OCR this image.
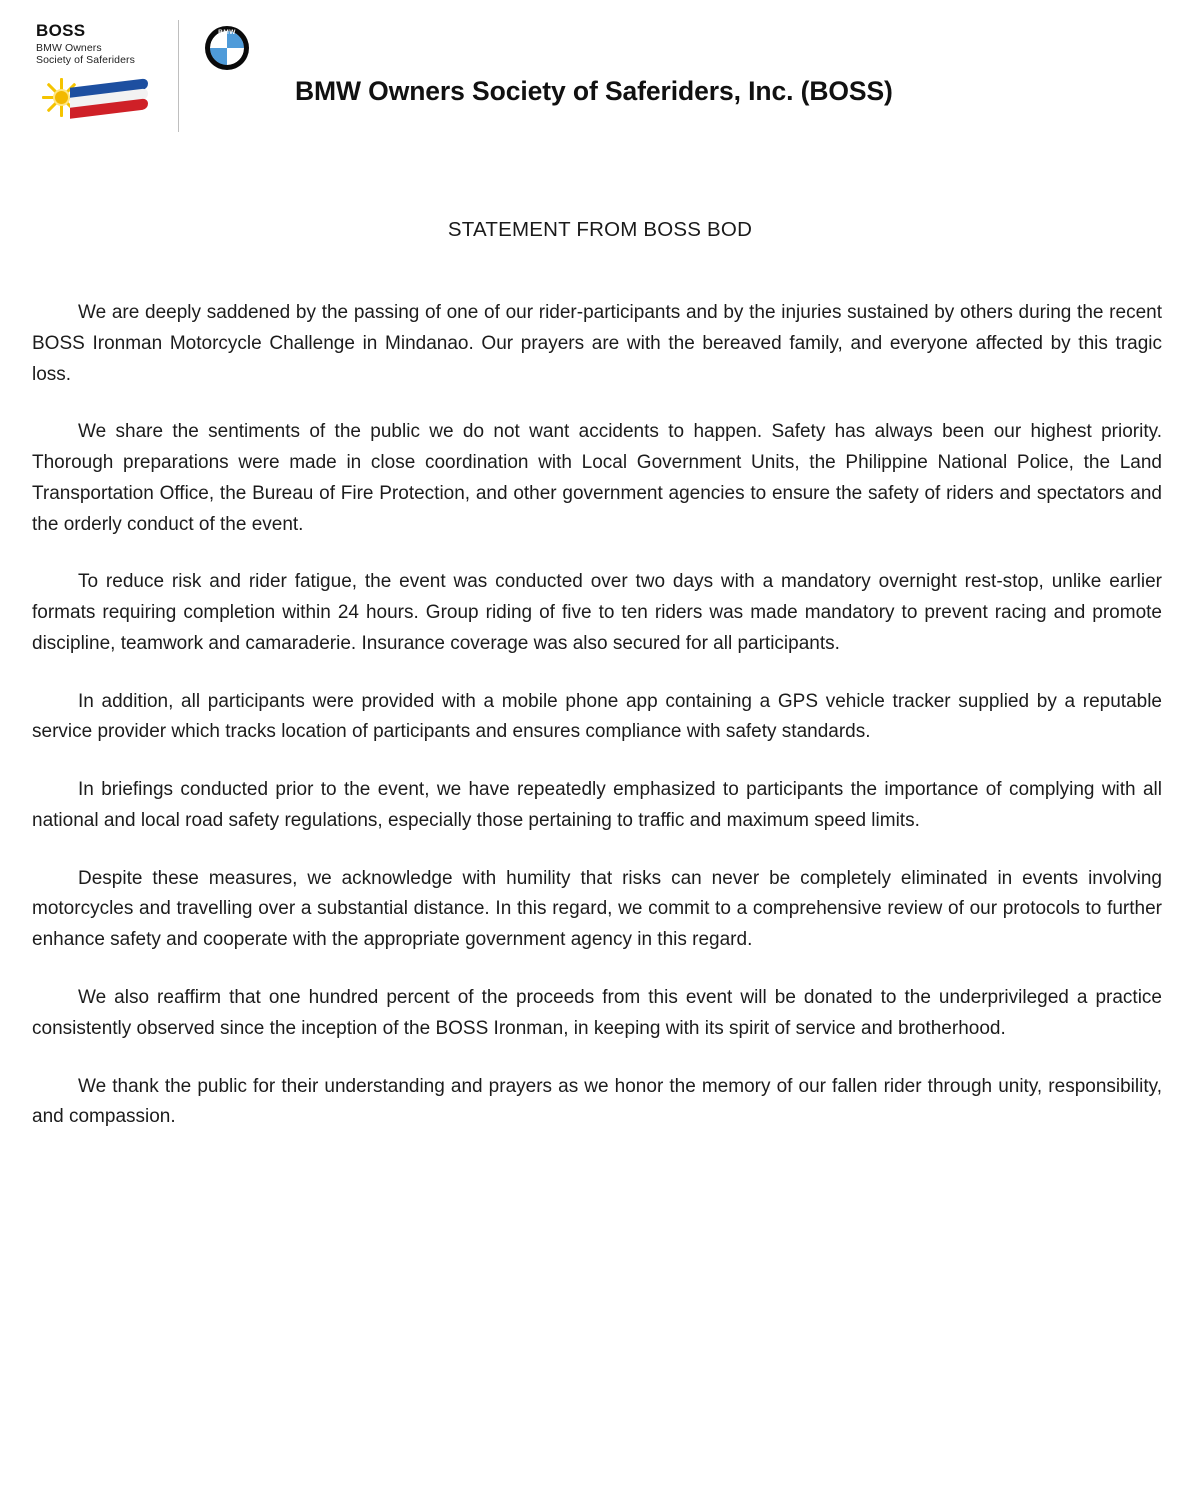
BOSS
BMW Owners
Society of Saferiders
BMW
BMW Owners Society of Saferiders, Inc. (BOSS)
STATEMENT FROM BOSS BOD

We are deeply saddened by the passing of one of our rider-participants and by the injuries sustained by others during the recent BOSS Ironman Motorcycle Challenge in Mindanao. Our prayers are with the bereaved family, and everyone affected by this tragic loss.

We share the sentiments of the public we do not want accidents to happen. Safety has always been our highest priority. Thorough preparations were made in close coordination with Local Government Units, the Philippine National Police, the Land Transportation Office, the Bureau of Fire Protection, and other government agencies to ensure the safety of riders and spectators and the orderly conduct of the event.

To reduce risk and rider fatigue, the event was conducted over two days with a mandatory overnight rest-stop, unlike earlier formats requiring completion within 24 hours. Group riding of five to ten riders was made mandatory to prevent racing and promote discipline, teamwork and camaraderie. Insurance coverage was also secured for all participants.

In addition, all participants were provided with a mobile phone app containing a GPS vehicle tracker supplied by a reputable service provider which tracks location of participants and ensures compliance with safety standards.

In briefings conducted prior to the event, we have repeatedly emphasized to participants the importance of complying with all national and local road safety regulations, especially those pertaining to traffic and maximum speed limits.

Despite these measures, we acknowledge with humility that risks can never be completely eliminated in events involving motorcycles and travelling over a substantial distance. In this regard, we commit to a comprehensive review of our protocols to further enhance safety and cooperate with the appropriate government agency in this regard.

We also reaffirm that one hundred percent of the proceeds from this event will be donated to the underprivileged a practice consistently observed since the inception of the BOSS Ironman, in keeping with its spirit of service and brotherhood.

We thank the public for their understanding and prayers as we honor the memory of our fallen rider through unity, responsibility, and compassion.
